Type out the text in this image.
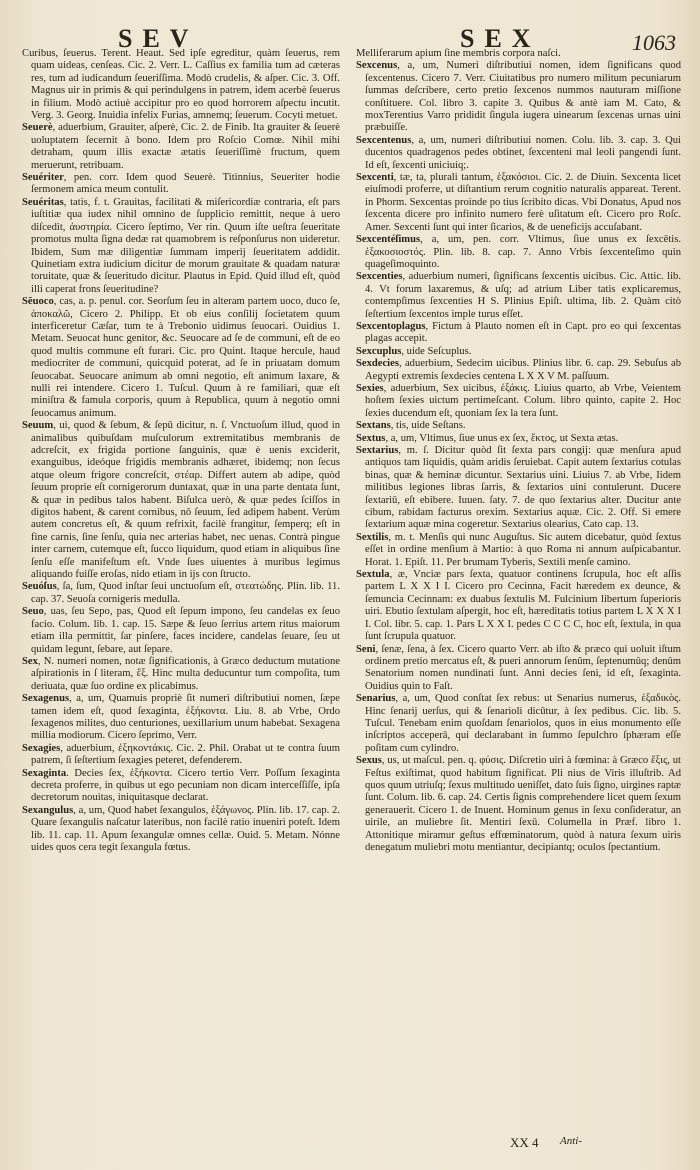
SEV	SEX	1063
Curibus, ſeuerus. Terent. Heaut. Sed ipſe egreditur, quàm ſeuerus, rem quam uideas, cenſeas. Cic. 2. Verr. L. Caſſius ex familia tum ad cæteras res, tum ad iudicandum ſeueriſſima. Modò crudelis, & aſper. Cic. 3. Off. Magnus uir in primis & qui perindulgens in patrem, idem acerbè ſeuerus in filium. Modò actiuè accipitur pro eo quod horrorem aſpectu incutit. Verg. 3. Georg. Inuidia infelix Furias, amnemq; ſeuerum. Cocyti metuet.
Seuerè, aduerbium, Grauiter, aſperè, Cic. 2. de Finib. Ita grauiter & ſeuerè uoluptatem ſecernit à bono. Idem pro Roſcio Comœ. Nihil mihi detraham, quum illis exactæ ætatis ſeueriſſimè fructum, quem meruerunt, retribuam.
Seuériter, pen. corr. Idem quod Seuerè. Titinnius, Seueriter hodie ſermonem amica meum contulit.
Seuéritas, tatis, f. t. Grauitas, facilitati & miſericordiæ contraria, eſt pars iuſtitiæ qua iudex nihil omnino de ſupplicio remittit, neque à uero diſcedit, ἀυστηρία. Cicero ſeptimo, Ver rin. Quum iſte ueſtra ſeueritate promotus multa ſigna dedæ rat quamobrem is reſponſurus non uideretur. Ibidem, Sum mæ diligentiæ ſummam imperij ſeueritatem addidit. Quinetiam extra iudicium dicitur de morum grauitate & quadam naturæ toruitate, quæ & ſeueritudo dicitur. Plautus in Epid. Quid illud eſt, quòd illi caperat frons ſeueritudine?
Sēuoco, cas, a. p. penul. cor. Seorſum ſeu in alteram partem uoco, duco ſe, ἀποκαλῶ, Cicero 2. Philipp. Et ob eius conſilij ſocietatem quum interficeretur Cæſar, tum te à Trebonio uidimus ſeuocari. Ouidius 1. Metam. Seuocat hunc genitor, &c. Seuocare ad ſe de communi, eſt de eo quod multis commune eſt furari. Cic. pro Quint. Itaque hercule, haud mediocriter de communi, quicquid poterat, ad ſe in priuatam domum ſeuocabat. Seuocare animum ab omni negotio, eſt animum laxare, & nulli rei intendere. Cicero 1. Tuſcul. Quum à re familiari, quæ eſt miniſtra & famula corporis, quum à Republica, quum à negotio omni ſeuocamus animum.
Seuum, ui, quod & ſebum, & ſepū dicitur, n. ſ. Vnctuoſum illud, quod in animalibus quibuſdam muſculorum extremitatibus membranis de adcreſcit, ex frigida portione ſanguinis, quæ è uenis exciderit, exanguibus, ideóque frigidis membranis adhæret, ibidemq; non ſecus atque oleum frigore concreſcit, στέαρ. Differt autem ab adipe, quòd ſeuum proprie eſt cornigerorum duntaxat, quæ in una parte dentata ſunt, & quæ in pedibus talos habent. Biſulca uerò, & quæ pedes ſciſſos in digitos habent, & carent cornibus, nō ſeuum, ſed adipem habent. Verùm autem concretus eſt, & quum refrixit, facilè frangitur, ſemperq; eſt in fine carnis, ſine ſenſu, quia nec arterias habet, nec uenas. Contrà pingue inter carnem, cutemque eſt, ſucco liquidum, quod etiam in aliquibus ſine ſenſu eſſe manifeſtum eſt. Vnde ſues uiuentes à muribus legimus aliquando fuiſſe eroſas, nido etiam in ijs con ſtructo.
Seuóſus, ſa, ſum, Quod inſtar ſeui unctuoſum eſt, στεατώδης. Plin. lib. 11. cap. 37. Seuoſa cornigeris medulla.
Seuo, uas, ſeu Sepo, pas, Quod eſt ſepum impono, ſeu candelas ex ſeuo facio. Colum. lib. 1. cap. 15. Sæpe & ſeuo ſerrius artem ritus maiorum etiam illa permittit, ſar pinſere, faces incidere, candelas ſeuare, ſeu ut quidam legunt, ſebare, aut ſepare.
Sex, N. numeri nomen, notæ ſignificationis, à Græco deductum mutatione aſpirationis in ſ literam, ἕξ. Hinc multa deducuntur tum compoſita, tum deriuata, quæ ſuo ordine ex plicabimus.
Sexagenus, a, um, Quamuis propriè ſit numeri diſtributiui nomen, ſæpe tamen idem eſt, quod ſexaginta, ἑξήκοντα. Liu. 8. ab Vrbe, Ordo ſexagenos milites, duo centuriones, uexillarium unum habebat. Sexagena millia modiorum. Cicero ſeprimo, Verr.
Sexagies, aduerbium, ἑξηκοντάκις. Cic. 2. Phil. Orabat ut te contra ſuum patrem, ſi ſeſtertium ſexagies peteret, defenderem.
Sexaginta. Decies ſex, ἑξήκοντα. Cicero tertio Verr. Poſſum ſexaginta decreta proferre, in quibus ut ego pecuniam non dicam interceſſiſſe, ipſa decretorum nouitas, iniquitasque declarat.
Sexangulus, a, um, Quod habet ſexangulos, ἑξάγωνος. Plin. lib. 17. cap. 2. Quare ſexangulis naſcatur lateribus, non facilè ratio inueniri poteſt. Idem lib. 11. cap. 11. Apum ſexangulæ omnes cellæ. Ouid. 5. Metam. Nónne uides quos cera tegit ſexangula fœtus.
Melliferarum apium ſine membris corpora naſci.
Sexcenus, a, um, Numeri diſtributiui nomen, idem ſignificans quod ſexcentenus. Cicero 7. Verr. Ciuitatibus pro numero militum pecuniarum ſummas deſcribere, certo pretio ſexcenos nummos nauturam miſſione conſtituere. Col. libro 3. capite 3. Quibus & antè iam M. Cato, & moxTerentius Varro prididit ſingula iugera uinearum ſexcenas urnas uini præbuiſſe.
Sexcentenus, a, um, numeri diſtributiui nomen. Colu. lib. 3. cap. 3. Qui ducentos quadragenos pedes obtinet, ſexcenteni mal leoli pangendi ſunt. Id eſt, ſexcenti uniciuíq;.
Sexcenti, tæ, ta, plurali tantum, ἑξακόσιοι. Cic. 2. de Diuin. Sexcenta licet eiuſmodi proferre, ut diſtantium rerum cognitio naturalis appareat. Terent. in Phorm. Sexcentas proinde po tius ſcribito dicas. Vbi Donatus, Apud nos ſexcenta dicere pro infinito numero ferè uſitatum eſt. Cicero pro Roſc. Amer. Sexcenti ſunt qui inter ſicarios, & de ueneficijs accuſabant.
Sexcentéſimus, a, um, pen. corr. Vltimus, ſiue unus ex ſexcētis. ἑξακοσιοστός. Plin. lib. 8. cap. 7. Anno Vrbis ſexcenteſimo quin quageſimoquinto.
Sexcenties, aduerbium numeri, ſignificans ſexcentis uicibus. Cic. Attic. lib. 4. Vt forum laxaremus, & uſq; ad atrium Liber tatis explicaremus, contempſimus ſexcenties H S. Plinius Epiſt. ultima, lib. 2. Quàm citò ſeſtertium ſexcentos imple turus eſſet.
Sexcentoplagus, Fictum à Plauto nomen eſt in Capt. pro eo qui ſexcentas plagas accepit.
Sexcuplus, uide Seſcuplus.
Sexdecies, aduerbium, Sedecim uicibus. Plinius libr. 6. cap. 29. Sebuſus ab Aegypti extremis ſexdecies centena L X X V M. paſſuum.
Sexies, aduerbium, Sex uicibus, ἑξάκις. Liuius quarto, ab Vrbe, Veientem hoſtem ſexies uictum pertimeſcant. Colum. libro quinto, capite 2. Hoc ſexies ducendum eſt, quoniam ſex la tera ſunt.
Sextans, tis, uide Seſtans.
Sextus, a, um, Vltimus, ſiue unus ex ſex, ἕκτος, ut Sexta ætas.
Sextarius, m. ſ. Dicitur quòd ſit ſexta pars congij: quæ menſura apud antiquos tam liquidis, quàm aridis ſeruiebat. Capit autem ſextarius cotulas binas, quæ & heminæ dicuntur. Sextarius uini. Liuius 7. ab Vrbe, Iidem militibus legiones libras ſarris, & ſextarios uini contulerunt. Ducere ſextariū, eſt ebibere. Iuuen. ſaty. 7. de quo ſextarius alter. Ducitur ante cibum, rabidam facturus orexim. Sextarius aquæ. Cic. 2. Off. Si emere ſextarium aquæ mina cogeretur. Sextarius olearius, Cato cap. 13.
Sextilis, m. t. Menſis qui nunc Auguſtus. Sic autem dicebatur, quòd ſextus eſſet in ordine menſium à Martio: à quo Roma ni annum auſpicabantur. Horat. 1. Epiſt. 11. Per brumam Tyberis, Sextili menſe camino.
Sextula, æ, Vnciæ pars ſexta, quatuor continens ſcrupula, hoc eſt aſſis partem L X X I I. Cicero pro Cecinna, Facit hæredem ex deunce, & ſemuncia Cecinnam: ex duabus ſextulis M. Fulcinium libertum ſuperioris uiri. Ebutio ſextulam aſpergit, hoc eſt, hæreditatis totius partem L X X X I I. Col. libr. 5. cap. 1. Pars L X X I. pedes C C C C, hoc eſt, ſextula, in qua ſunt ſcrupula quatuor.
Seni, ſenæ, ſena, à ſex. Cicero quarto Verr. ab iſto & præco qui uoluit iſtum ordinem pretio mercatus eſt, & pueri annorum ſenûm, ſeptenumûq; denûm Senatorium nomen nundinati ſunt. Anni decies ſeni, id eſt, ſexaginta. Ouidius quin to Faſt.
Senarius, a, um, Quod conſtat ſex rebus: ut Senarius numerus, ἑξαδικὸς. Hinc ſenarij uerſus, qui & ſenariolì dicūtur, à ſex pedibus. Cic. lib. 5. Tuſcul. Tenebam enim quoſdam ſenariolos, quos in eius monumento eſſe inſcriptos acceperā, qui declarabant in ſummo ſepulchro ſphæram eſſe poſitam cum cylindro.
Sexus, us, ut maſcul. pen. q. φύσις. Diſcretio uiri à fœmina: à Græco ἕξις, ut Feſtus exiſtimat, quod habitum ſignificat. Pli nius de Viris illuſtrib. Ad quos quum utriuſq; ſexus multitudo ueniſſet, dato ſuis ſigno, uirgines raptæ ſunt. Colum. lib. 6. cap. 24. Certis ſignis comprehendere licet quem ſexum generauerit. Cicero 1. de Inuent. Hominum genus in ſexu conſideratur, an uirile, an muliebre ſit. Mentiri ſexū. Columella in Præf. libro 1. Attonitique miramur geſtus effœminatorum, quòd à natura ſexum uiris denegatum muliebri motu mentiantur, decipiantq; oculos ſpectantium.
XX 4 Anti-
